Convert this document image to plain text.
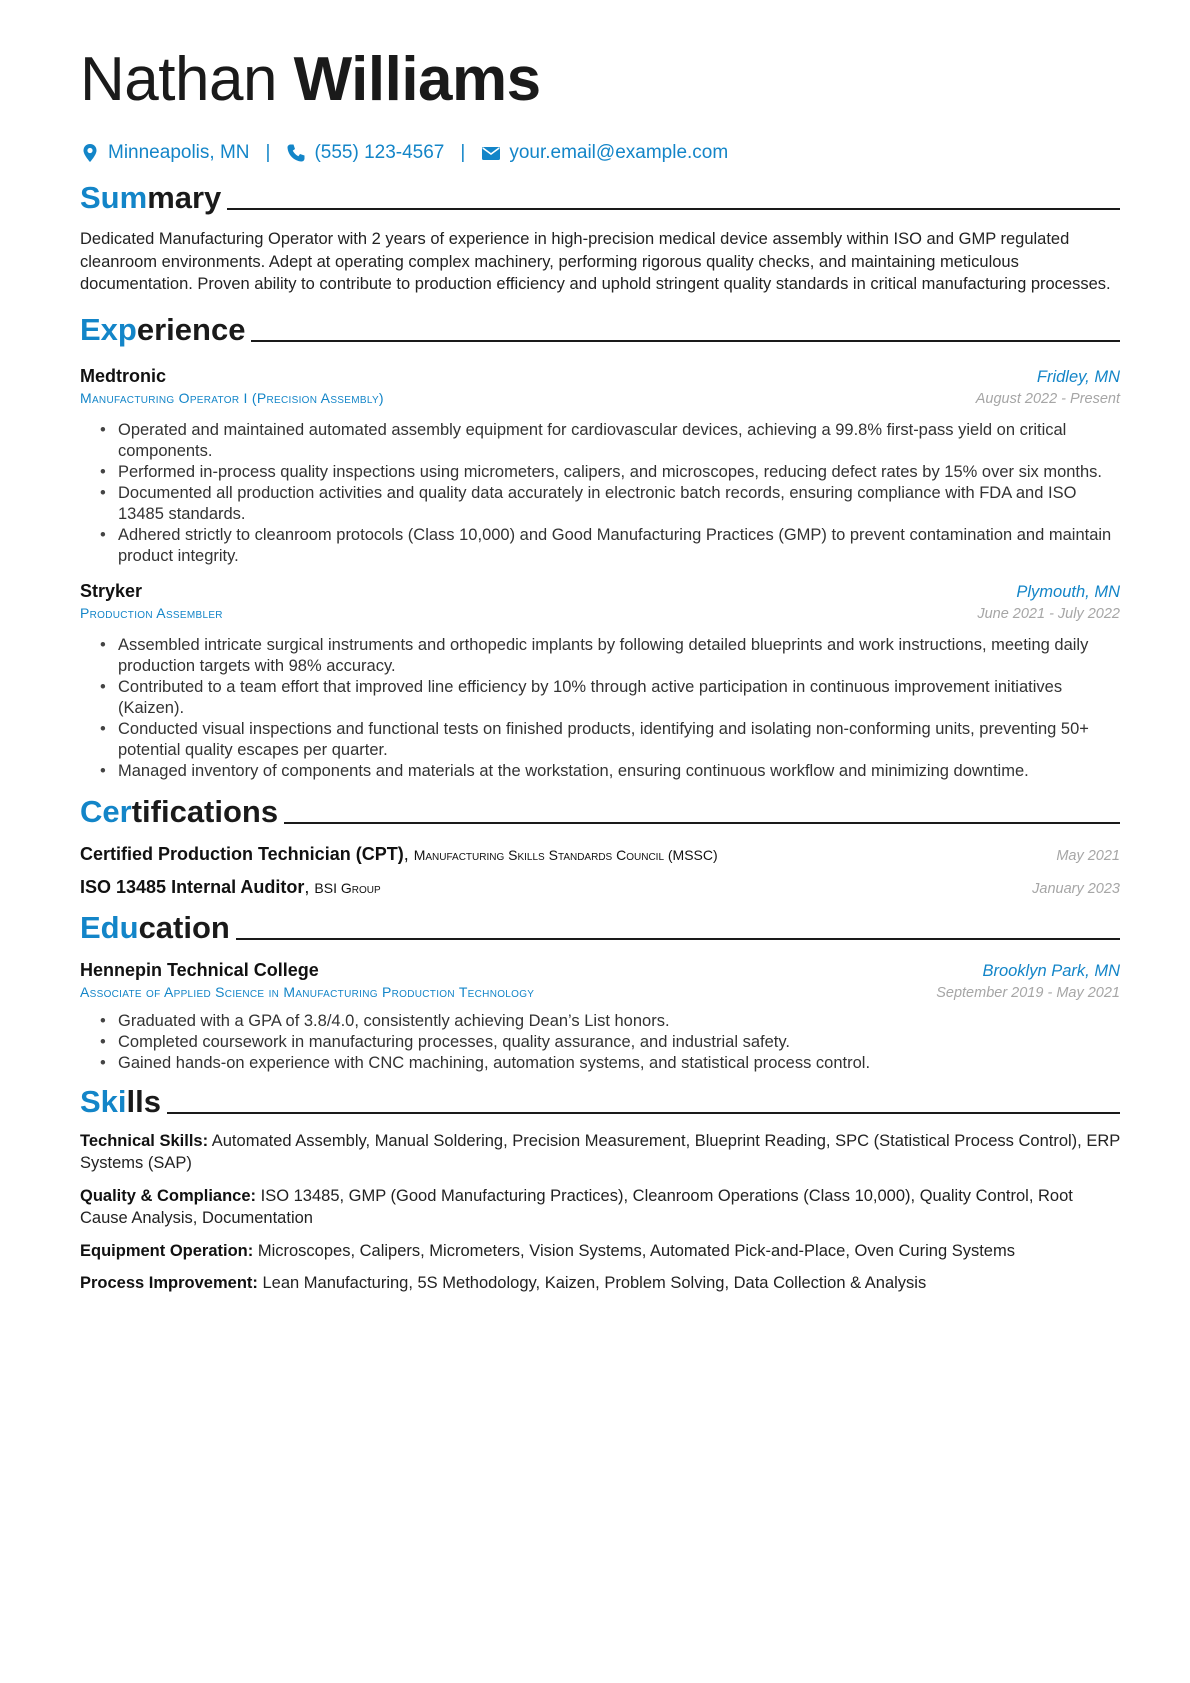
Nathan Williams
Minneapolis, MN | (555) 123-4567 | your.email@example.com
Summary

Dedicated Manufacturing Operator with 2 years of experience in high-precision medical device assembly within ISO and GMP regulated cleanroom environments. Adept at operating complex machinery, performing rigorous quality checks, and maintaining meticulous documentation. Proven ability to contribute to production efficiency and uphold stringent quality standards in critical manufacturing processes.

Experience
Medtronic	Fridley, MN
Manufacturing Operator I (Precision Assembly)	August 2022 - Present
• Operated and maintained automated assembly equipment for cardiovascular devices, achieving a 99.8% first-pass yield on critical components.
• Performed in-process quality inspections using micrometers, calipers, and microscopes, reducing defect rates by 15% over six months.
• Documented all production activities and quality data accurately in electronic batch records, ensuring compliance with FDA and ISO 13485 standards.
• Adhered strictly to cleanroom protocols (Class 10,000) and Good Manufacturing Practices (GMP) to prevent contamination and maintain product integrity.
Stryker	Plymouth, MN
Production Assembler	June 2021 - July 2022
• Assembled intricate surgical instruments and orthopedic implants by following detailed blueprints and work instructions, meeting daily production targets with 98% accuracy.
• Contributed to a team effort that improved line efficiency by 10% through active participation in continuous improvement initiatives (Kaizen).
• Conducted visual inspections and functional tests on finished products, identifying and isolating non-conforming units, preventing 50+ potential quality escapes per quarter.
• Managed inventory of components and materials at the workstation, ensuring continuous workflow and minimizing downtime.
Certifications
Certified Production Technician (CPT), Manufacturing Skills Standards Council (MSSC)	May 2021
ISO 13485 Internal Auditor, BSI Group	January 2023
Education
Hennepin Technical College	Brooklyn Park, MN
Associate of Applied Science in Manufacturing Production Technology	September 2019 - May 2021
• Graduated with a GPA of 3.8/4.0, consistently achieving Dean’s List honors.
• Completed coursework in manufacturing processes, quality assurance, and industrial safety.
• Gained hands-on experience with CNC machining, automation systems, and statistical process control.
Skills

Technical Skills: Automated Assembly, Manual Soldering, Precision Measurement, Blueprint Reading, SPC (Statistical Process Control), ERP Systems (SAP)

Quality & Compliance: ISO 13485, GMP (Good Manufacturing Practices), Cleanroom Operations (Class 10,000), Quality Control, Root Cause Analysis, Documentation

Equipment Operation: Microscopes, Calipers, Micrometers, Vision Systems, Automated Pick-and-Place, Oven Curing Systems

Process Improvement: Lean Manufacturing, 5S Methodology, Kaizen, Problem Solving, Data Collection & Analysis
